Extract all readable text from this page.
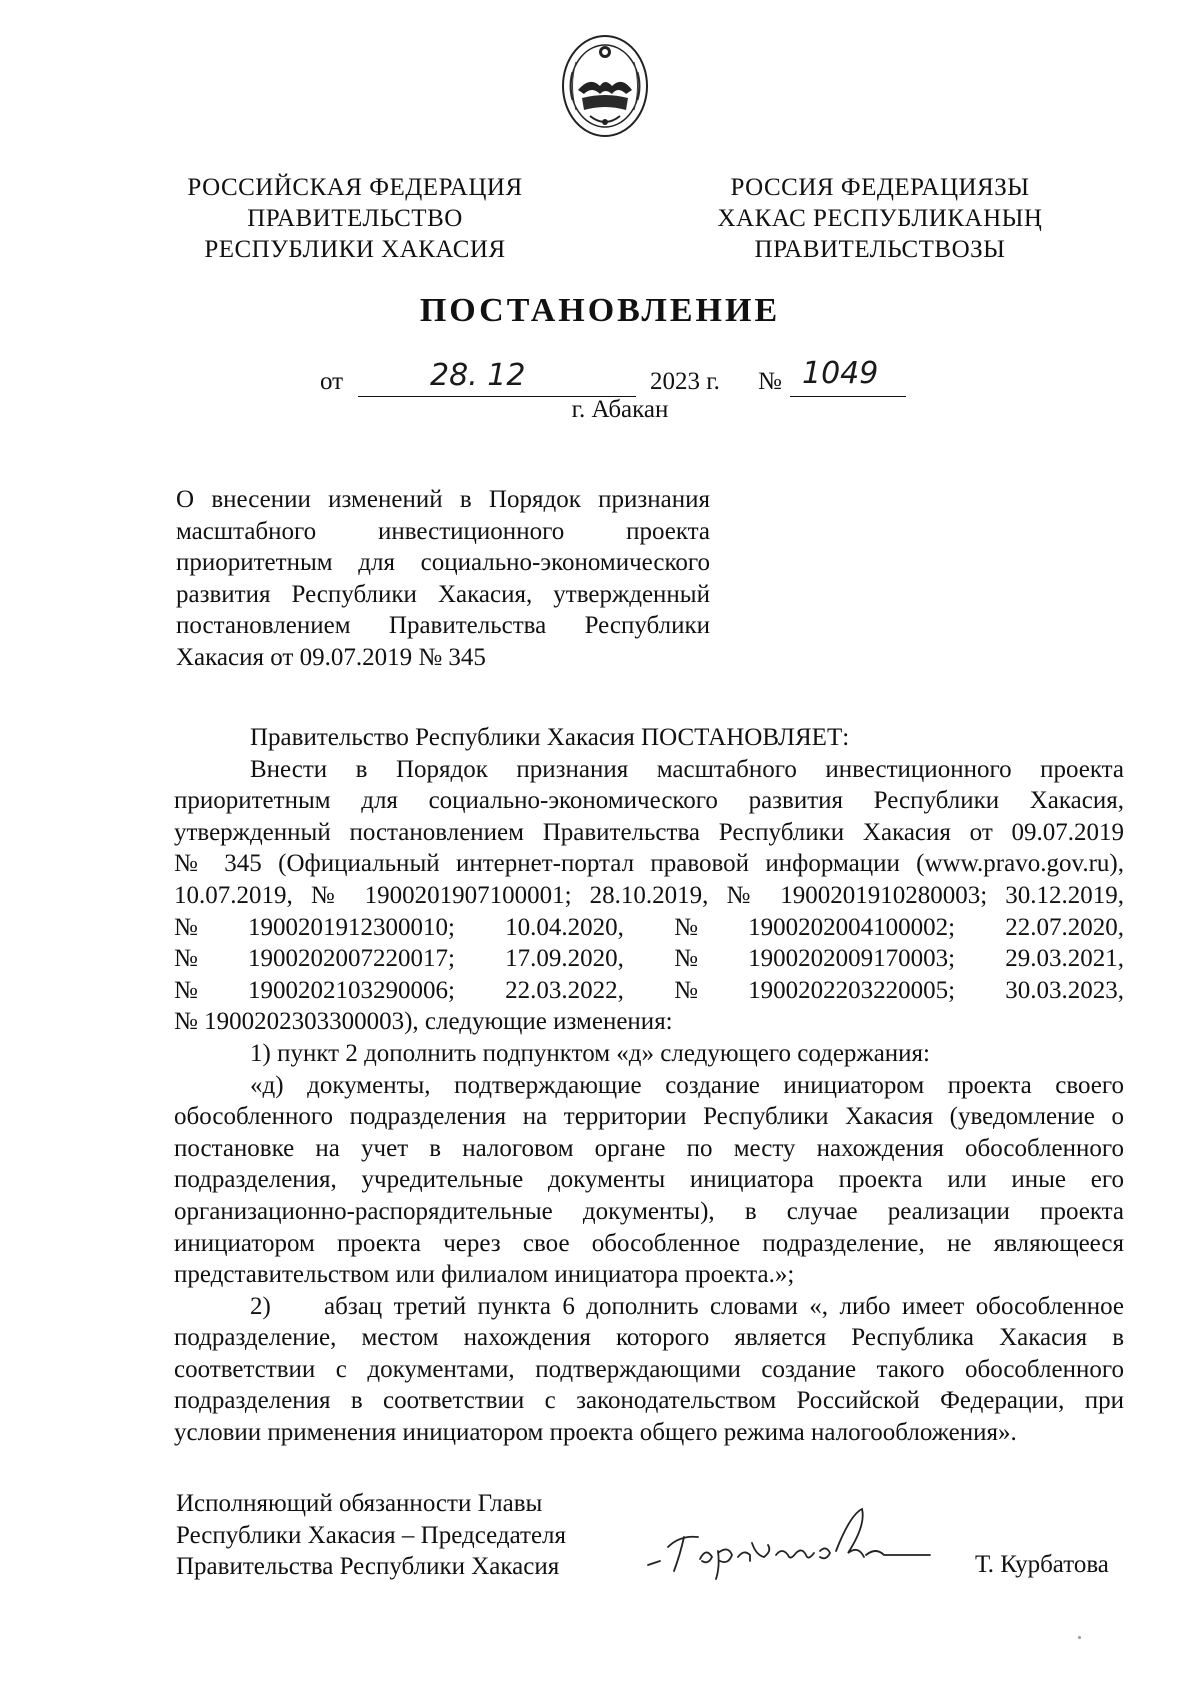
РОССИЙСКАЯ ФЕДЕРАЦИЯ
ПРАВИТЕЛЬСТВО
РЕСПУБЛИКИ ХАКАСИЯ
РОССИЯ ФЕДЕРАЦИЯЗЫ
ХАКАС РЕСПУБЛИКАНЫҢ
ПРАВИТЕЛЬСТВОЗЫ
ПОСТАНОВЛЕНИЕ
от	28. 12	2023 г. № 1049
г. Абакан
О внесении изменений в Порядок признания
масштабного инвестиционного проекта
приоритетным для социально-экономического
развития Республики Хакасия, утвержденный
постановлением Правительства Республики
Хакасия от 09.07.2019 № 345
Правительство Республики Хакасия ПОСТАНОВЛЯЕТ:
Внести в Порядок признания масштабного инвестиционного проекта
приоритетным для социально-экономического развития Республики Хакасия,
утвержденный постановлением Правительства Республики Хакасия от 09.07.2019
№ 345 (Официальный интернет-портал правовой информации (www.pravo.gov.ru),
10.07.2019, № 1900201907100001; 28.10.2019, № 1900201910280003; 30.12.2019,
№ 1900201912300010; 10.04.2020, № 1900202004100002; 22.07.2020,
№ 1900202007220017; 17.09.2020, № 1900202009170003; 29.03.2021,
№ 1900202103290006; 22.03.2022, № 1900202203220005; 30.03.2023,
№ 1900202303300003), следующие изменения:
1) пункт 2 дополнить подпунктом «д» следующего содержания:
«д) документы, подтверждающие создание инициатором проекта своего
обособленного подразделения на территории Республики Хакасия (уведомление о
постановке на учет в налоговом органе по месту нахождения обособленного
подразделения, учредительные документы инициатора проекта или иные его
организационно-распорядительные документы), в случае реализации проекта
инициатором проекта через свое обособленное подразделение, не являющееся
представительством или филиалом инициатора проекта.»;
2)	абзац третий пункта 6 дополнить словами «, либо имеет обособленное
подразделение, местом нахождения которого является Республика Хакасия в
соответствии с документами, подтверждающими создание такого обособленного
подразделения в соответствии с законодательством Российской Федерации, при
условии применения инициатором проекта общего режима налогообложения».
Исполняющий обязанности Главы
Республики Хакасия – Председателя
Правительства Республики Хакасия	Т. Курбатова
